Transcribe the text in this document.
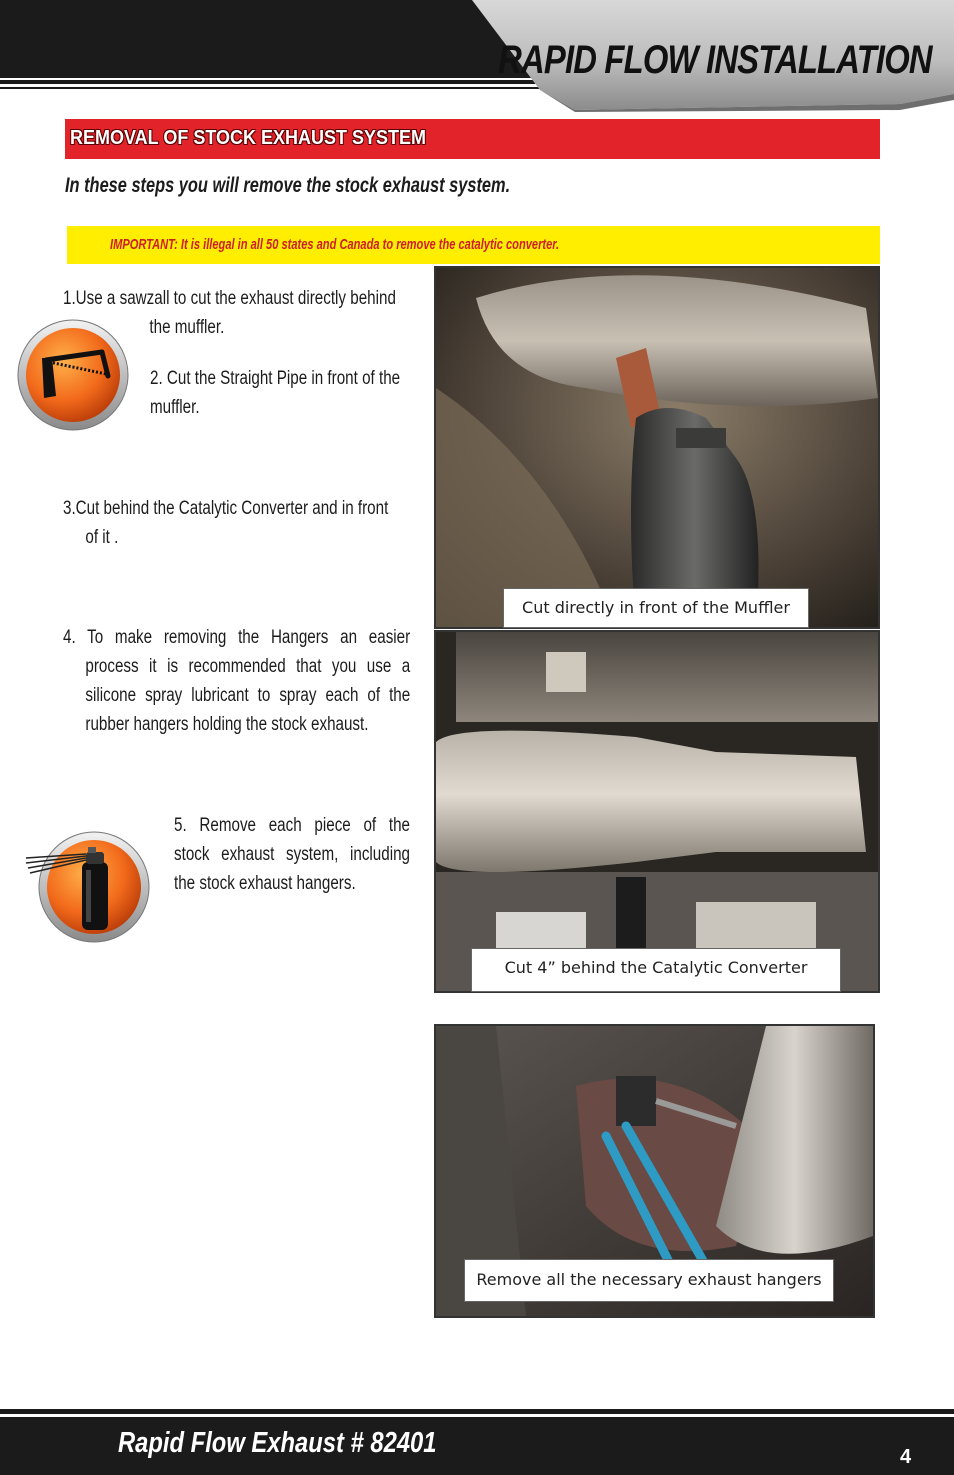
RAPID FLOW INSTALLATION
REMOVAL OF STOCK EXHAUST SYSTEM
In these steps you will remove the stock exhaust system.
IMPORTANT: It is illegal in all 50 states and Canada to remove the catalytic converter.
1.Use a sawzall to cut the exhaust directly behind
the muffler.
2. Cut the Straight Pipe in front of the
muffler.
3.Cut behind the Catalytic Converter and in front
of it .
4.  To  make  removing  the  Hangers  an  easier
process  it  is  recommended  that  you  use  a
silicone spray lubricant to spray each of the
rubber hangers holding the stock exhaust.
5.  Remove  each  piece  of  the
stock exhaust system, including
the stock exhaust hangers.
Cut directly in front of the Muffler
Cut 4” behind the Catalytic Converter
Remove all the necessary exhaust hangers
Rapid Flow Exhaust # 82401	4
